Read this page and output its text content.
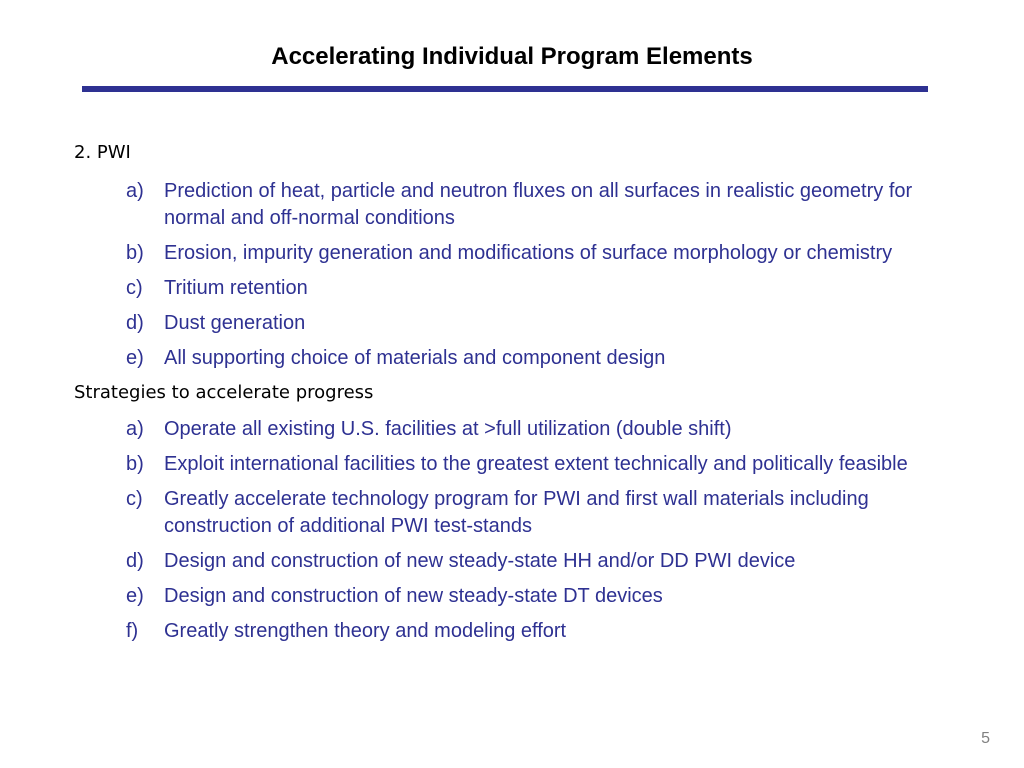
Accelerating Individual Program Elements
2. PWI
a)	Prediction of heat, particle and neutron fluxes on all surfaces in realistic geometry for normal and off-normal conditions
b)	Erosion, impurity generation and modifications of surface morphology or chemistry
c)	Tritium retention
d)	Dust generation
e)	All supporting choice of materials and component design
Strategies to accelerate progress
a)	Operate all existing U.S. facilities at >full utilization (double shift)
b)	Exploit international facilities to the greatest extent technically and politically feasible
c)	Greatly accelerate technology program for PWI and first wall materials including construction of additional PWI test-stands
d)	Design and construction of new steady-state HH and/or DD PWI device
e)	Design and construction of new steady-state DT devices
f)	Greatly strengthen theory and modeling effort
5
